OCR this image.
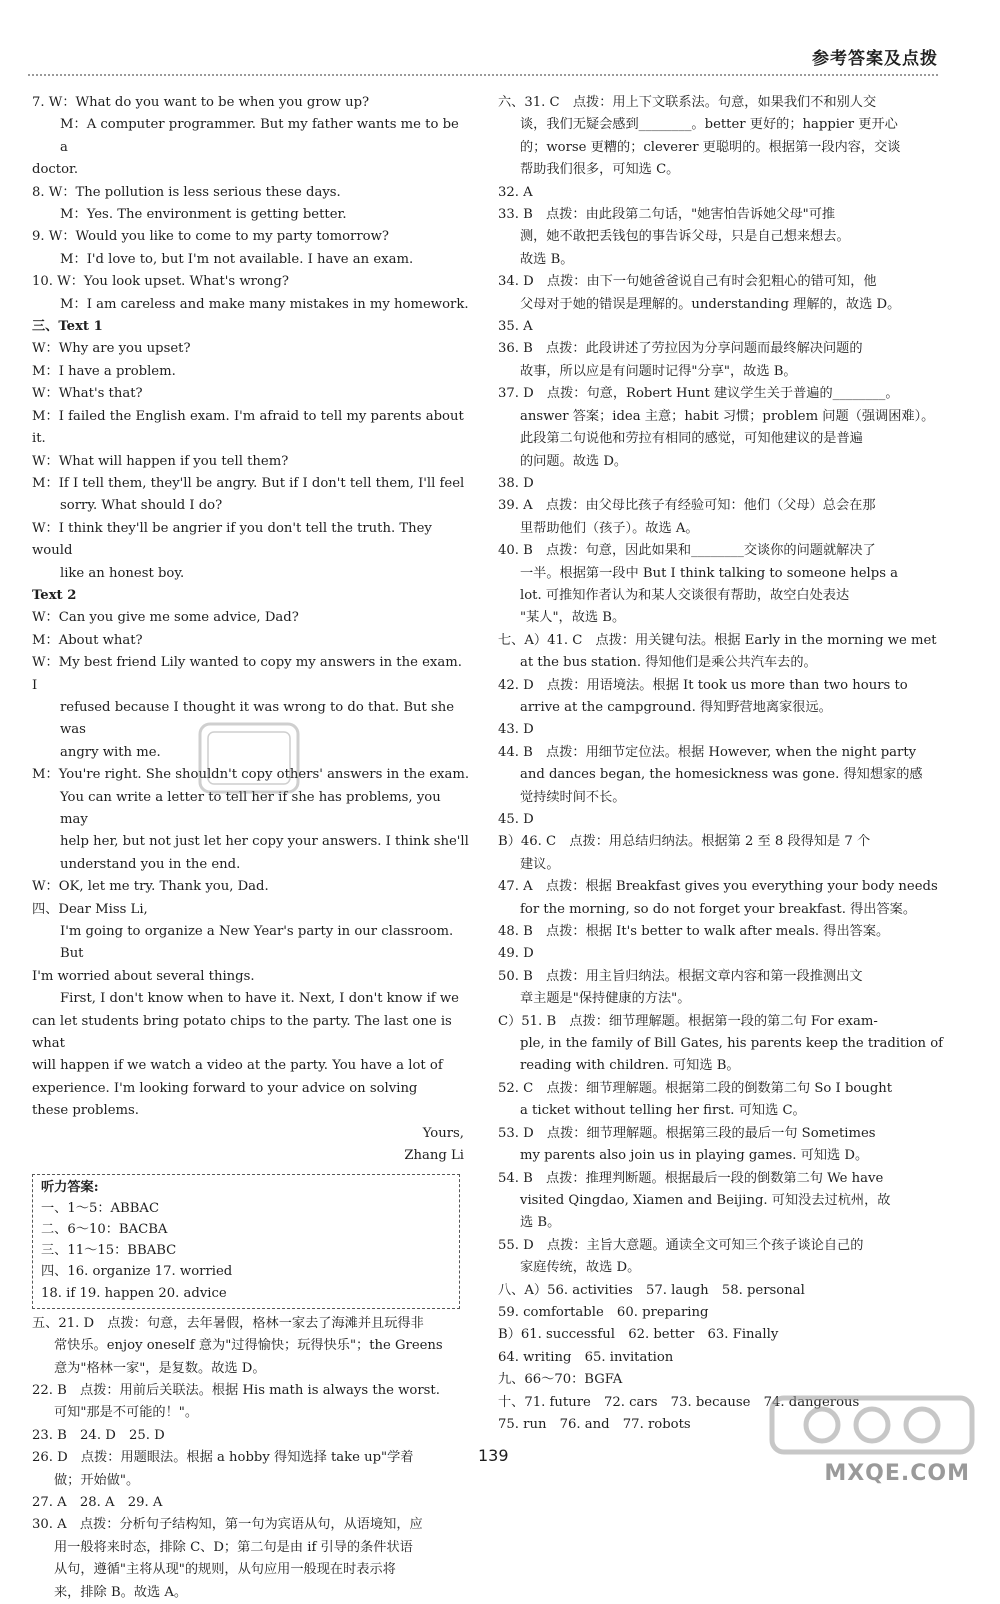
参考答案及点拨
7. W：What do you want to be when you grow up?
M：A computer programmer. But my father wants me to be a
doctor.
8. W：The pollution is less serious these days.
M：Yes. The environment is getting better.
9. W：Would you like to come to my party tomorrow?
M：I'd love to, but I'm not available. I have an exam.
10. W：You look upset. What's wrong?
M：I am careless and make many mistakes in my homework.
三、Text 1
W：Why are you upset?
M：I have a problem.
W：What's that?
M：I failed the English exam. I'm afraid to tell my parents about it.
W：What will happen if you tell them?
M：If I tell them, they'll be angry. But if I don't tell them, I'll feel
sorry. What should I do?
W：I think they'll be angrier if you don't tell the truth. They would
like an honest boy.
Text 2
W：Can you give me some advice, Dad?
M：About what?
W：My best friend Lily wanted to copy my answers in the exam. I
refused because I thought it was wrong to do that. But she was
angry with me.
M：You're right. She shouldn't copy others' answers in the exam.
You can write a letter to tell her if she has problems, you may
help her, but not just let her copy your answers. I think she'll
understand you in the end.
W：OK, let me try. Thank you, Dad.
四、Dear Miss Li,
I'm going to organize a New Year's party in our classroom. But
I'm worried about several things.
First, I don't know when to have it. Next, I don't know if we
can let students bring potato chips to the party. The last one is what
will happen if we watch a video at the party. You have a lot of
experience. I'm looking forward to your advice on solving
these problems.
Yours,
Zhang Li
听力答案:
一、1～5：ABBAC
二、6～10：BACBA
三、11～15：BBABC
四、16. organize 17. worried
18. if 19. happen 20. advice
五、21. D　点拨：句意，去年暑假，格林一家去了海滩并且玩得非
常快乐。enjoy oneself 意为"过得愉快；玩得快乐"；the Greens
意为"格林一家"，是复数。故选 D。
22. B　点拨：用前后关联法。根据 His math is always the worst.
可知"那是不可能的！"。
23. B　24. D　25. D
26. D　点拨：用题眼法。根据 a hobby 得知选择 take up"学着
做；开始做"。
27. A　28. A　29. A
30. A　点拨：分析句子结构知，第一句为宾语从句，从语境知，应
用一般将来时态，排除 C、D；第二句是由 if 引导的条件状语
从句，遵循"主将从现"的规则，从句应用一般现在时表示将
来，排除 B。故选 A。
六、31. C　点拨：用上下文联系法。句意，如果我们不和别人交
谈，我们无疑会感到________。better 更好的；happier 更开心
的；worse 更糟的；cleverer 更聪明的。根据第一段内容，交谈
帮助我们很多，可知选 C。
32. A
33. B　点拨：由此段第二句话，"她害怕告诉她父母"可推
测，她不敢把丢钱包的事告诉父母，只是自己想来想去。
故选 B。
34. D　点拨：由下一句她爸爸说自己有时会犯粗心的错可知，他
父母对于她的错误是理解的。understanding 理解的，故选 D。
35. A
36. B　点拨：此段讲述了劳拉因为分享问题而最终解决问题的
故事，所以应是有问题时记得"分享"，故选 B。
37. D　点拨：句意，Robert Hunt 建议学生关于普遍的________。
answer 答案；idea 主意；habit 习惯；problem 问题（强调困难）。
此段第二句说他和劳拉有相同的感觉，可知他建议的是普遍
的问题。故选 D。
38. D
39. A　点拨：由父母比孩子有经验可知：他们（父母）总会在那
里帮助他们（孩子）。故选 A。
40. B　点拨：句意，因此如果和________交谈你的问题就解决了
一半。根据第一段中 But I think talking to someone helps a
lot. 可推知作者认为和某人交谈很有帮助，故空白处表达
"某人"，故选 B。
七、A）41. C　点拨：用关键句法。根据 Early in the morning we met
at the bus station. 得知他们是乘公共汽车去的。
42. D　点拨：用语境法。根据 It took us more than two hours to
arrive at the campground. 得知野营地离家很远。
43. D
44. B　点拨：用细节定位法。根据 However, when the night party
and dances began, the homesickness was gone. 得知想家的感
觉持续时间不长。
45. D
B）46. C　点拨：用总结归纳法。根据第 2 至 8 段得知是 7 个
建议。
47. A　点拨：根据 Breakfast gives you everything your body needs
for the morning, so do not forget your breakfast. 得出答案。
48. B　点拨：根据 It's better to walk after meals. 得出答案。
49. D
50. B　点拨：用主旨归纳法。根据文章内容和第一段推测出文
章主题是"保持健康的方法"。
C）51. B　点拨：细节理解题。根据第一段的第二句 For exam-
ple, in the family of Bill Gates, his parents keep the tradition of
reading with children. 可知选 B。
52. C　点拨：细节理解题。根据第二段的倒数第二句 So I bought
a ticket without telling her first. 可知选 C。
53. D　点拨：细节理解题。根据第三段的最后一句 Sometimes
my parents also join us in playing games. 可知选 D。
54. B　点拨：推理判断题。根据最后一段的倒数第二句 We have
visited Qingdao, Xiamen and Beijing. 可知没去过杭州，故
选 B。
55. D　点拨：主旨大意题。通读全文可知三个孩子谈论自己的
家庭传统，故选 D。
八、A）56. activities　57. laugh　58. personal
59. comfortable　60. preparing
B）61. successful　62. better　63. Finally
64. writing　65. invitation
九、66～70：BGFA
十、71. future　72. cars　73. because　74. dangerous
75. run　76. and　77. robots
MXQE.COM
139
